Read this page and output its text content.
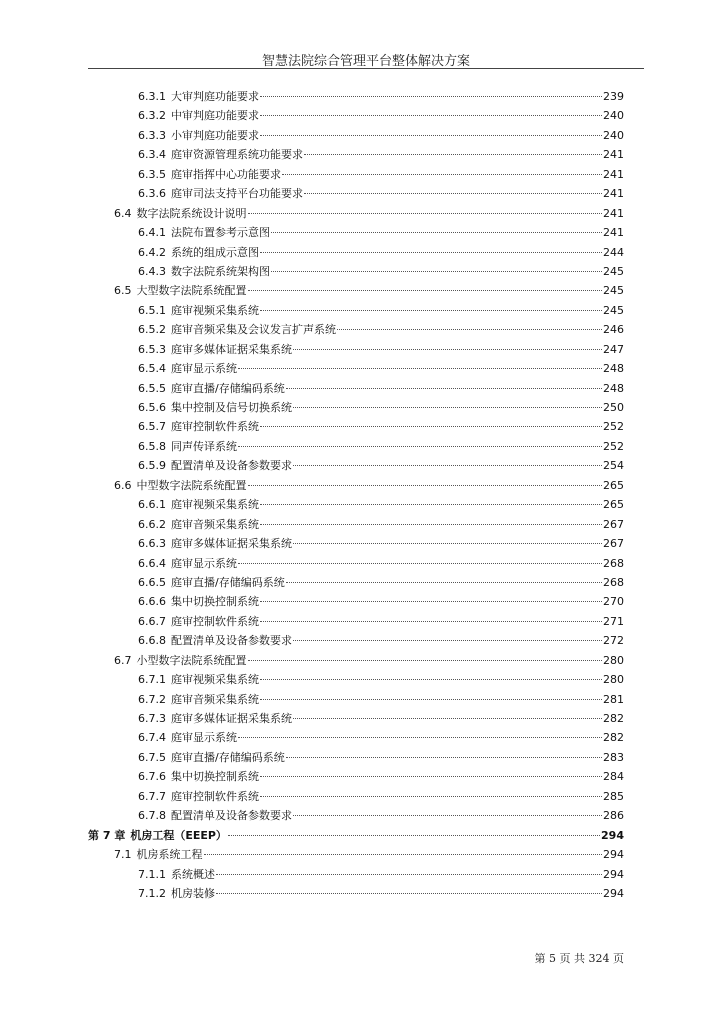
智慧法院综合管理平台整体解决方案
6.3.1 大审判庭功能要求	239
6.3.2 中审判庭功能要求	240
6.3.3 小审判庭功能要求	240
6.3.4 庭审资源管理系统功能要求	241
6.3.5 庭审指挥中心功能要求	241
6.3.6 庭审司法支持平台功能要求	241
6.4 数字法院系统设计说明	241
6.4.1 法院布置参考示意图	241
6.4.2 系统的组成示意图	244
6.4.3 数字法院系统架构图	245
6.5 大型数字法院系统配置	245
6.5.1 庭审视频采集系统	245
6.5.2 庭审音频采集及会议发言扩声系统	246
6.5.3 庭审多媒体证据采集系统	247
6.5.4 庭审显示系统	248
6.5.5 庭审直播/存储编码系统	248
6.5.6 集中控制及信号切换系统	250
6.5.7 庭审控制软件系统	252
6.5.8 同声传译系统	252
6.5.9 配置清单及设备参数要求	254
6.6 中型数字法院系统配置	265
6.6.1 庭审视频采集系统	265
6.6.2 庭审音频采集系统	267
6.6.3 庭审多媒体证据采集系统	267
6.6.4 庭审显示系统	268
6.6.5 庭审直播/存储编码系统	268
6.6.6 集中切换控制系统	270
6.6.7 庭审控制软件系统	271
6.6.8 配置清单及设备参数要求	272
6.7 小型数字法院系统配置	280
6.7.1 庭审视频采集系统	280
6.7.2 庭审音频采集系统	281
6.7.3 庭审多媒体证据采集系统	282
6.7.4 庭审显示系统	282
6.7.5 庭审直播/存储编码系统	283
6.7.6 集中切换控制系统	284
6.7.7 庭审控制软件系统	285
6.7.8 配置清单及设备参数要求	286
第 7 章 机房工程（EEEP）	294
7.1 机房系统工程	294
7.1.1 系统概述	294
7.1.2 机房装修	294
第 5 页 共 324 页
